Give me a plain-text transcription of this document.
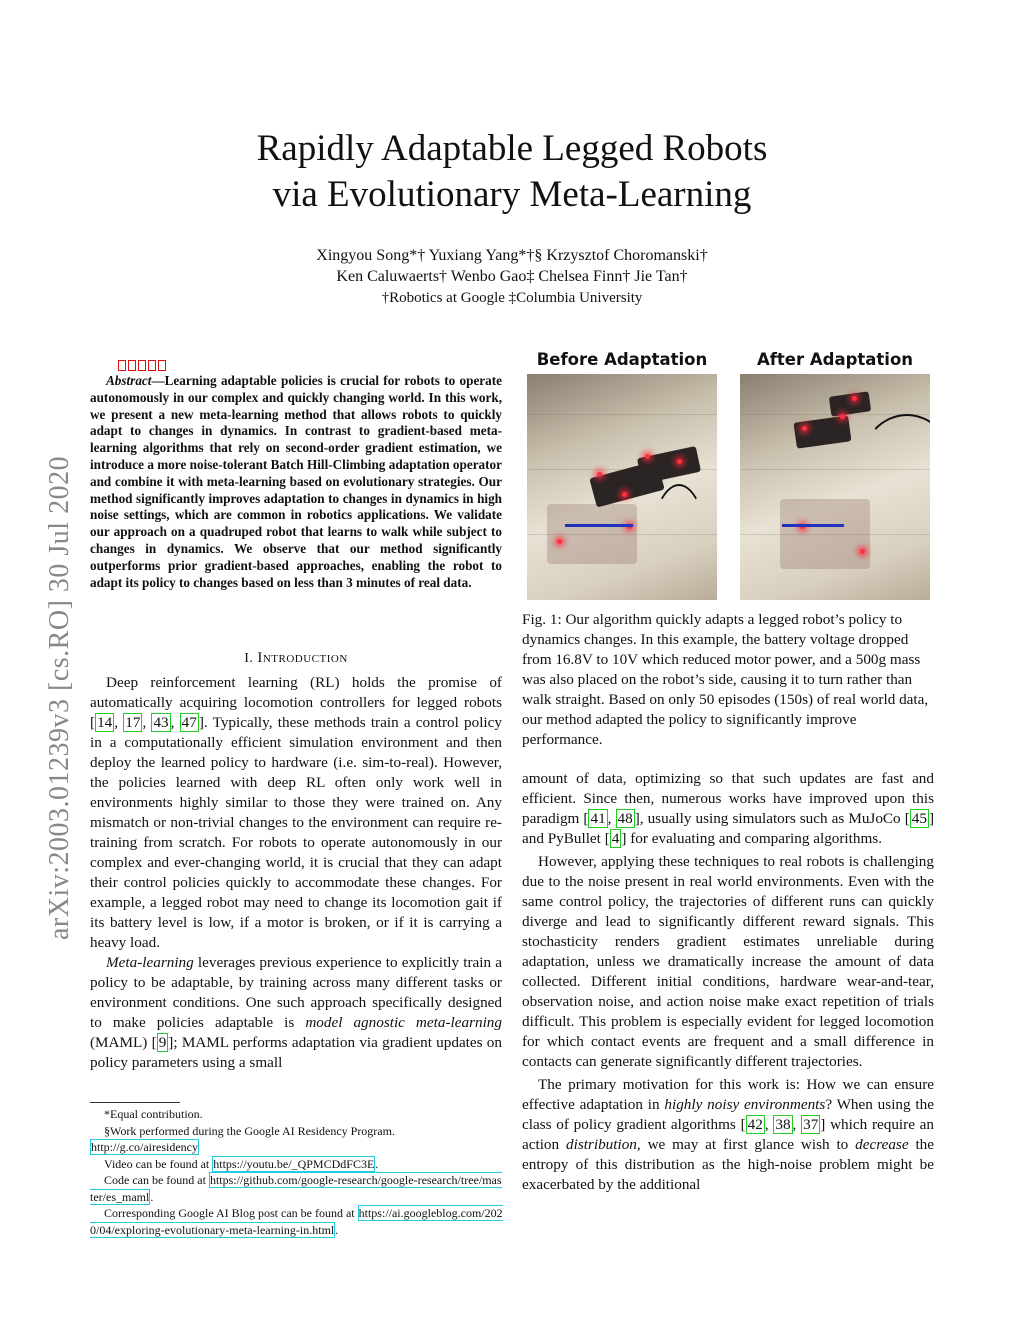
arXiv:2003.01239v3 [cs.RO] 30 Jul 2020
Rapidly Adaptable Legged Robots
via Evolutionary Meta-Learning
Xingyou Song*† Yuxiang Yang*†§ Krzysztof Choromanski†
Ken Caluwaerts† Wenbo Gao‡ Chelsea Finn† Jie Tan†
†Robotics at Google ‡Columbia University
Abstract—Learning adaptable policies is crucial for robots to operate autonomously in our complex and quickly changing world. In this work, we present a new meta-learning method that allows robots to quickly adapt to changes in dynamics. In contrast to gradient-based meta-learning algorithms that rely on second-order gradient estimation, we introduce a more noise-tolerant Batch Hill-Climbing adaptation operator and combine it with meta-learning based on evolutionary strategies. Our method significantly improves adaptation to changes in dynamics in high noise settings, which are common in robotics applications. We validate our approach on a quadruped robot that learns to walk while subject to changes in dynamics. We observe that our method significantly outperforms prior gradient-based approaches, enabling the robot to adapt its policy to changes based on less than 3 minutes of real data.
I. Introduction

Deep reinforcement learning (RL) holds the promise of automatically acquiring locomotion controllers for legged robots [ 14 , 17 , 43 , 47 ]. Typically, these methods train a control policy in a computationally efficient simulation environment and then deploy the learned policy to hardware (i.e. sim-to-real). However, the policies learned with deep RL often only work well in environments highly similar to those they were trained on. Any mismatch or non-trivial changes to the environment can require re-training from scratch. For robots to operate autonomously in our complex and ever-changing world, it is crucial that they can adapt their control policies quickly to accommodate these changes. For example, a legged robot may need to change its locomotion gait if its battery level is low, if a motor is broken, or if it is carrying a heavy load.

Meta-learning leverages previous experience to explicitly train a policy to be adaptable, by training across many different tasks or environment conditions. One such approach specifically designed to make policies adaptable is model agnostic meta-learning (MAML) [ 9 ]; MAML performs adaptation via gradient updates on policy parameters using a small

*Equal contribution.
§Work performed during the Google AI Residency Program. http://g.co/airesidency
Video can be found at https://youtu.be/_QPMCDdFC3E.
Code can be found at https://github.com/google-research/google-research/tree/master/es_maml.
Corresponding Google AI Blog post can be found at https://ai.googleblog.com/2020/04/exploring-evolutionary-meta-learning-in.html.
Before Adaptation	After Adaptation
Fig. 1: Our algorithm quickly adapts a legged robot’s policy to dynamics changes. In this example, the battery voltage dropped from 16.8V to 10V which reduced motor power, and a 500g mass was also placed on the robot’s side, causing it to turn rather than walk straight. Based on only 50 episodes (150s) of real world data, our method adapted the policy to significantly improve performance.

amount of data, optimizing so that such updates are fast and efficient. Since then, numerous works have improved upon this paradigm [ 41 , 48 ], usually using simulators such as MuJoCo [ 45 ] and PyBullet [ 4 ] for evaluating and comparing algorithms.

However, applying these techniques to real robots is challenging due to the noise present in real world environments. Even with the same control policy, the trajectories of different runs can quickly diverge and lead to significantly different reward signals. This stochasticity renders gradient estimates unreliable during adaptation, unless we dramatically increase the amount of data collected. Different initial conditions, hardware wear-and-tear, observation noise, and action noise make exact repetition of trials difficult. This problem is especially evident for legged locomotion for which contact events are frequent and a small difference in contacts can generate significantly different trajectories.

The primary motivation for this work is: How we can ensure effective adaptation in highly noisy environments? When using the class of policy gradient algorithms [ 42 , 38 , 37 ] which require an action distribution, we may at first glance wish to decrease the entropy of this distribution as the high-noise problem might be exacerbated by the additional
